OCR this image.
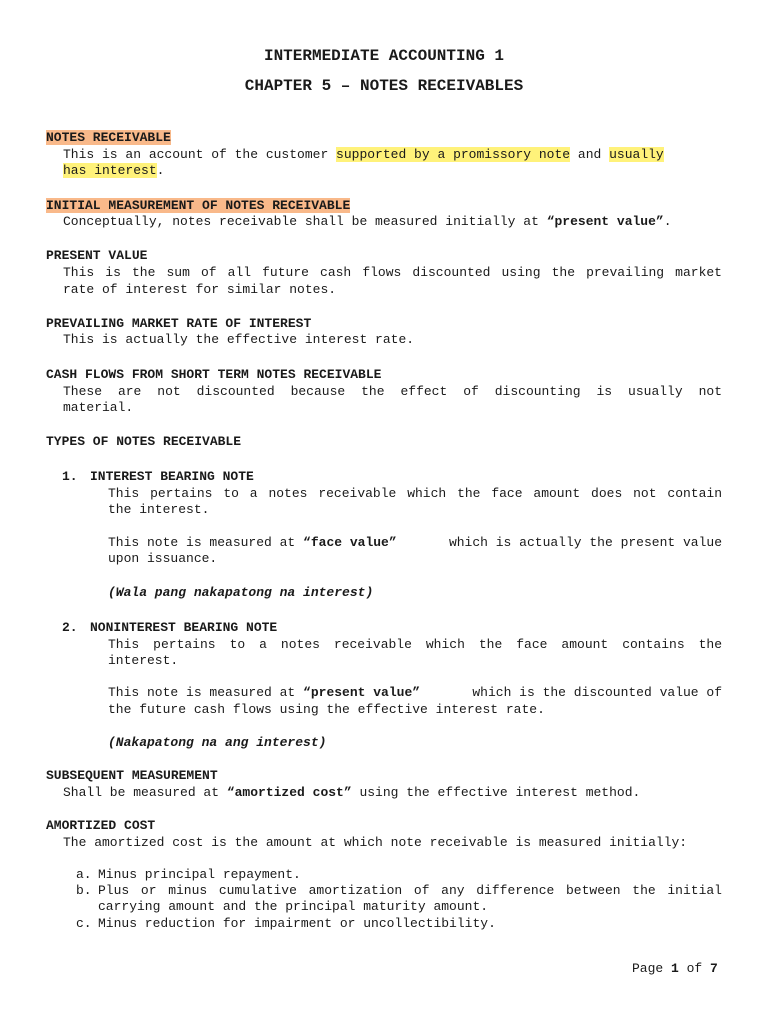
INTERMEDIATE ACCOUNTING 1
CHAPTER 5 – NOTES RECEIVABLES
NOTES RECEIVABLE
This is an account of the customer supported by a promissory note and usually
has interest.
INITIAL MEASUREMENT OF NOTES RECEIVABLE
Conceptually, notes receivable shall be measured initially at “present value”.
PRESENT VALUE
This is the sum of all future cash flows discounted using the prevailing market
rate of interest for similar notes.
PREVAILING MARKET RATE OF INTEREST
This is actually the effective interest rate.
CASH FLOWS FROM SHORT TERM NOTES RECEIVABLE
These are not discounted because the effect of discounting is usually not
material.
TYPES OF NOTES RECEIVABLE
1. INTEREST BEARING NOTE
This pertains to a notes receivable which the face amount does not contain
the interest.
This note is measured at “face value”	which is actually the present value
upon issuance.
(Wala pang nakapatong na interest)
2. NONINTEREST BEARING NOTE
This pertains to a notes receivable which the face amount contains the
interest.
This note is measured at “present value”	which is the discounted value of
the future cash flows using the effective interest rate.
(Nakapatong na ang interest)
SUBSEQUENT MEASUREMENT
Shall be measured at “amortized cost” using the effective interest method.
AMORTIZED COST
The amortized cost is the amount at which note receivable is measured initially:
a. Minus principal repayment.
b. Plus or minus cumulative amortization of any difference between the initial
carrying amount and the principal maturity amount.
c. Minus reduction for impairment or uncollectibility.
Page 1 of 7
